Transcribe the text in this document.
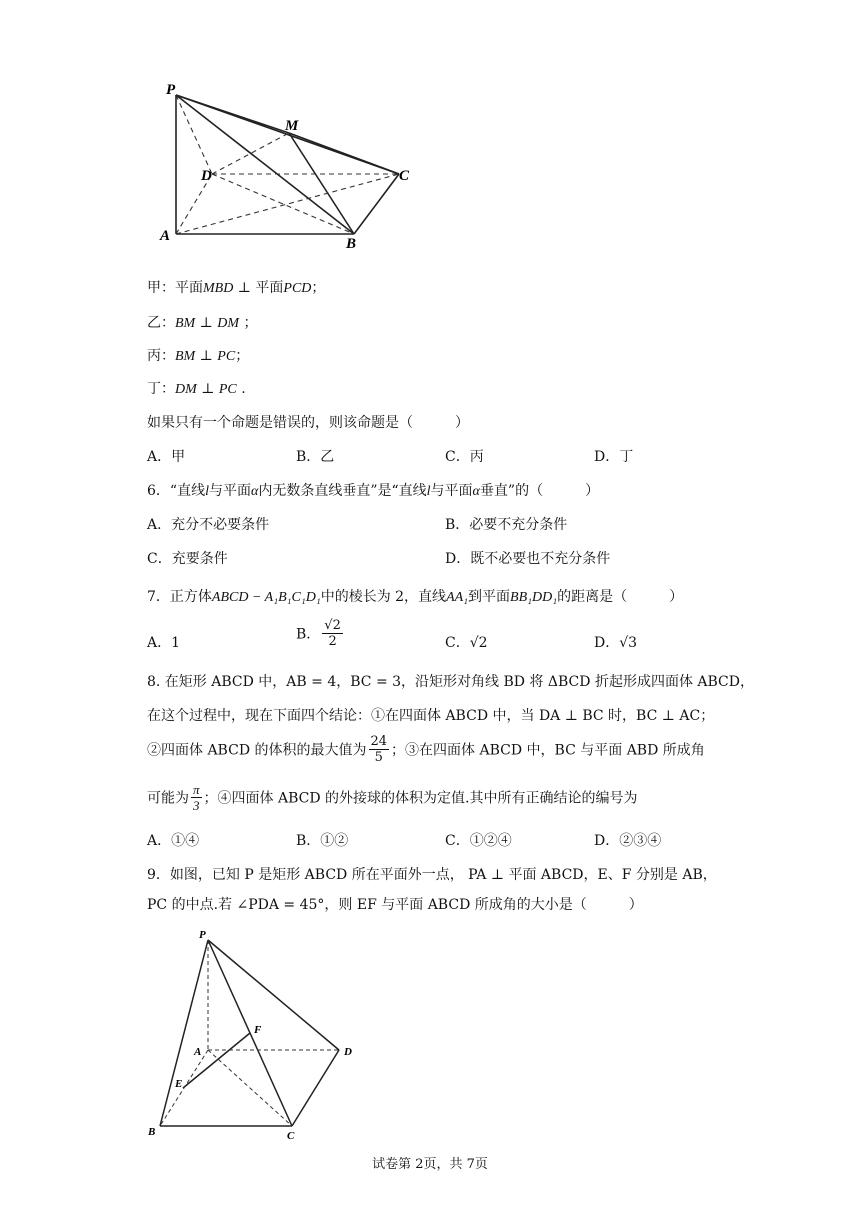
P
M
D	C
A	B
甲：平面MBD ⊥ 平面PCD；
乙：BM ⊥ DM ；
丙：BM ⊥ PC；
丁：DM ⊥ PC .
如果只有一个命题是错误的，则该命题是（　　　）
A．甲	B．乙	C．丙	D．丁
6．“直线l与平面α内无数条直线垂直”是“直线l与平面α垂直”的（　　　）
A．充分不必要条件	B．必要不充分条件
C．充要条件	D．既不必要也不充分条件
7．正方体ABCD − A₁B₁C₁D₁中的棱长为 2，直线AA₁到平面BB₁DD₁的距离是（　　　）
A．1
B． $\frac{√2}{2}$	C．√2	D．√3
8. 在矩形 ABCD 中，AB = 4，BC = 3，沿矩形对角线 BD 将 ΔBCD 折起形成四面体 ABCD，
在这个过程中，现在下面四个结论：①在四面体 ABCD 中，当 DA ⊥ BC 时，BC ⊥ AC；
②四面体 ABCD 的体积的最大值为 $\frac{24}{5}$ ；③在四面体 ABCD 中，BC 与平面 ABD 所成角
可能为 $\frac{\pi}{3}$ ；④四面体 ABCD 的外接球的体积为定值.其中所有正确结论的编号为
A．①④	B．①②	C．①②④	D．②③④
9．如图，已知 P 是矩形 ABCD 所在平面外一点， PA ⊥ 平面 ABCD，E、F 分别是 AB，
PC 的中点.若 ∠PDA = 45°，则 EF 与平面 ABCD 所成角的大小是（　　　）
P
F
A	D
E
B	C
试卷第 2页，共 7页
